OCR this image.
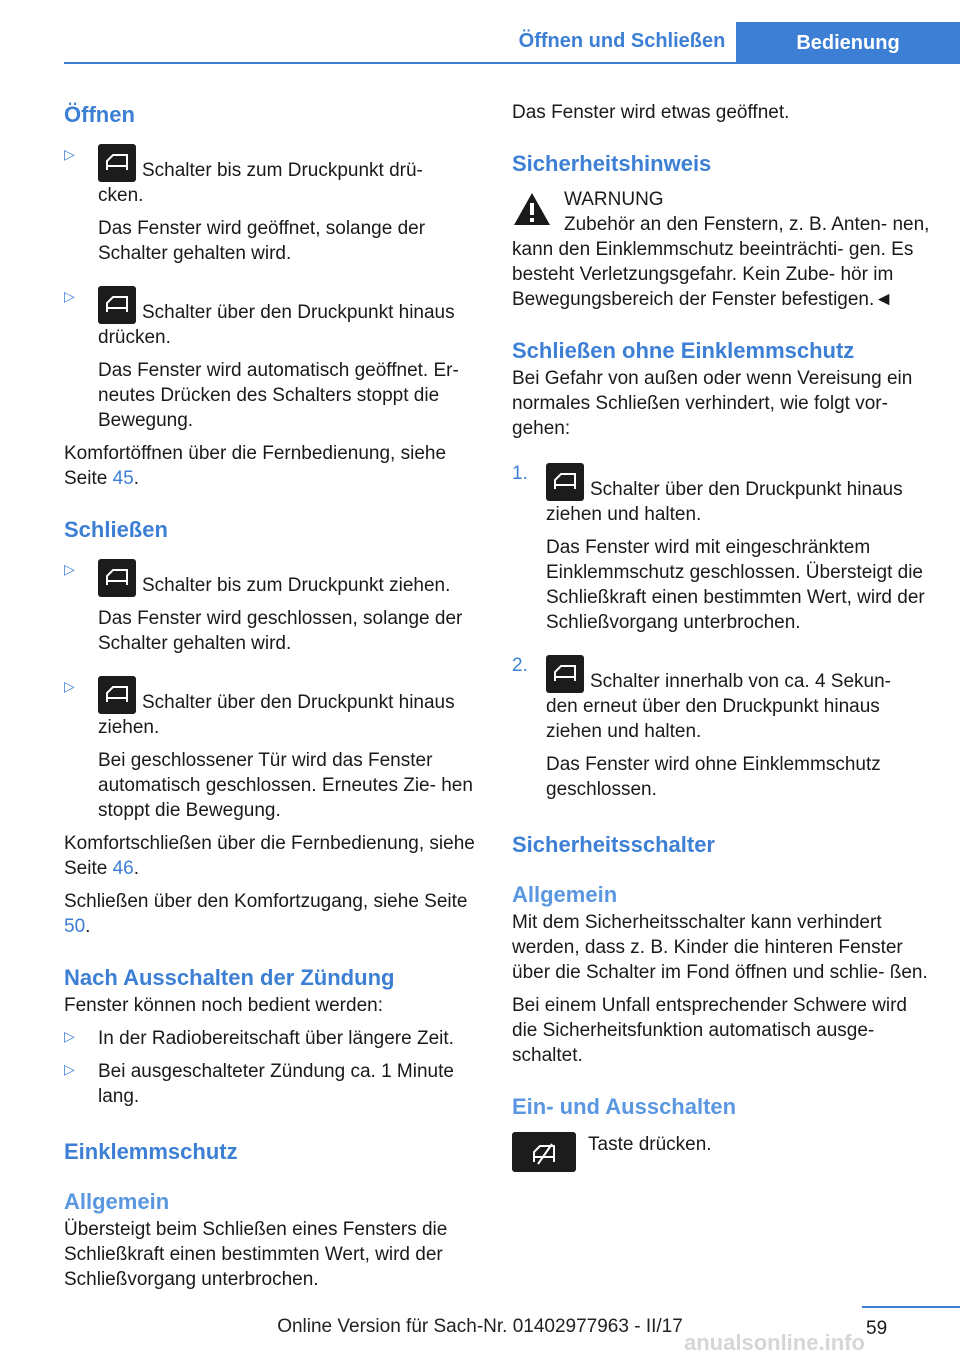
Öffnen und Schließen	Bedienung
Öffnen
▷

Schalter bis zum Druckpunkt drü‐
cken.

Das Fenster wird geöffnet, solange der Schalter gehalten wird.

▷

Schalter über den Druckpunkt hinaus
drücken.

Das Fenster wird automatisch geöffnet. Er‐ neutes Drücken des Schalters stoppt die Bewegung.

Komfortöffnen über die Fernbedienung, siehe Seite 45.

Schließen
▷

Schalter bis zum Druckpunkt ziehen.

Das Fenster wird geschlossen, solange der Schalter gehalten wird.

▷

Schalter über den Druckpunkt hinaus
ziehen.

Bei geschlossener Tür wird das Fenster automatisch geschlossen. Erneutes Zie‐ hen stoppt die Bewegung.

Komfortschließen über die Fernbedienung, siehe Seite 46.

Schließen über den Komfortzugang, siehe Seite 50.

Nach Ausschalten der Zündung

Fenster können noch bedient werden:

▷ In der Radiobereitschaft über längere Zeit.

▷ Bei ausgeschalteter Zündung ca. 1 Minute lang.

Einklemmschutz
Allgemein

Übersteigt beim Schließen eines Fensters die Schließkraft einen bestimmten Wert, wird der Schließvorgang unterbrochen.

Das Fenster wird etwas geöffnet.

Sicherheitshinweis

WARNUNG

Zubehör an den Fenstern, z. B. Anten‐ nen, kann den Einklemmschutz beeinträchti‐ gen. Es besteht Verletzungsgefahr. Kein Zube‐ hör im Bewegungsbereich der Fenster befestigen.◄

Schließen ohne Einklemmschutz

Bei Gefahr von außen oder wenn Vereisung ein normales Schließen verhindert, wie folgt vor‐ gehen:

1.

Schalter über den Druckpunkt hinaus
ziehen und halten.

Das Fenster wird mit eingeschränktem Einklemmschutz geschlossen. Übersteigt die Schließkraft einen bestimmten Wert, wird der Schließvorgang unterbrochen.

2.

Schalter innerhalb von ca. 4 Sekun‐
den erneut über den Druckpunkt hinaus ziehen und halten.

Das Fenster wird ohne Einklemmschutz geschlossen.

Sicherheitsschalter
Allgemein

Mit dem Sicherheitsschalter kann verhindert werden, dass z. B. Kinder die hinteren Fenster über die Schalter im Fond öffnen und schlie‐ ßen.

Bei einem Unfall entsprechender Schwere wird die Sicherheitsfunktion automatisch ausge‐ schaltet.

Ein- und Ausschalten

Taste drücken.

59
Online Version für Sach-Nr. 01402977963 - II/17
anualsonline.info
